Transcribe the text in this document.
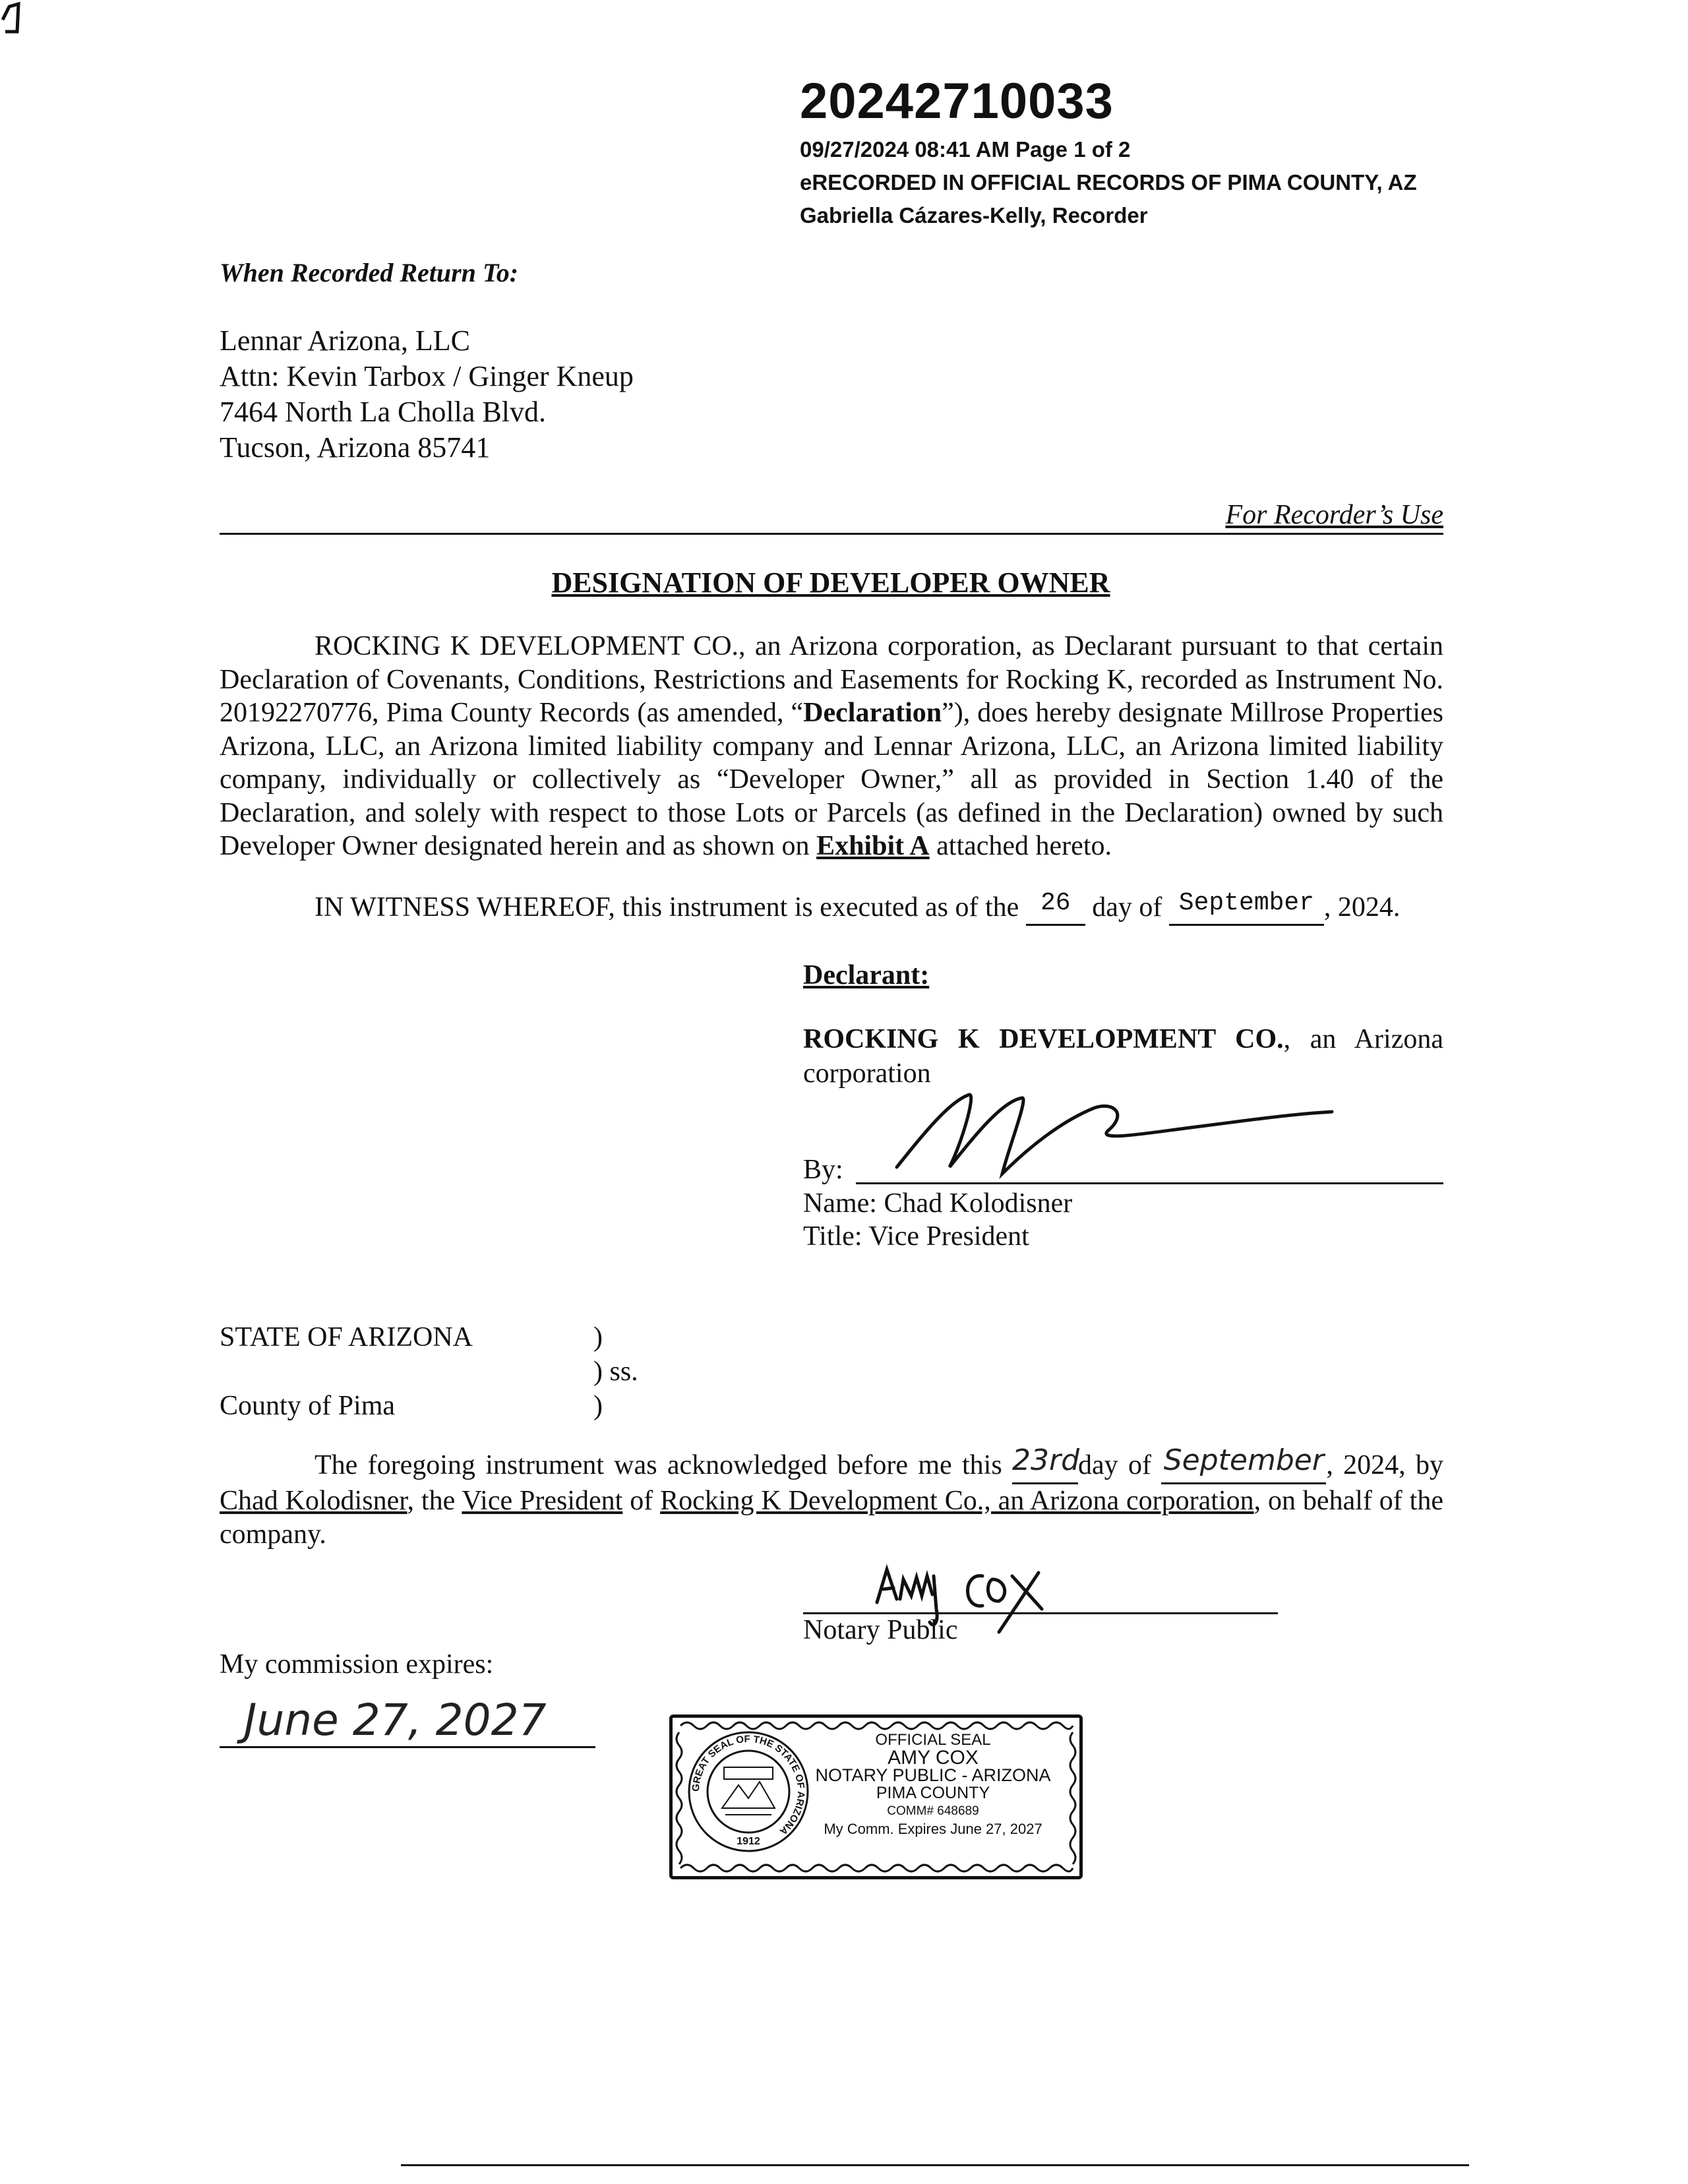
20242710033
09/27/2024 08:41 AM Page 1 of 2
eRECORDED IN OFFICIAL RECORDS OF PIMA COUNTY, AZ
Gabriella Cázares-Kelly, Recorder
When Recorded Return To:
Lennar Arizona, LLC
Attn: Kevin Tarbox / Ginger Kneup
7464 North La Cholla Blvd.
Tucson, Arizona 85741
For Recorder’s Use
DESIGNATION OF DEVELOPER OWNER
ROCKING K DEVELOPMENT CO., an Arizona corporation, as Declarant pursuant to that certain Declaration of Covenants, Conditions, Restrictions and Easements for Rocking K, recorded as Instrument No. 20192270776, Pima County Records (as amended, “Declaration”), does hereby designate Millrose Properties Arizona, LLC, an Arizona limited liability company and Lennar Arizona, LLC, an Arizona limited liability company, individually or collectively as “Developer Owner,” all as provided in Section 1.40 of the Declaration, and solely with respect to those Lots or Parcels (as defined in the Declaration) owned by such Developer Owner designated herein and as shown on Exhibit A attached hereto.
IN WITNESS WHEREOF, this instrument is executed as of the 26 day of September , 2024.
Declarant:
ROCKING K DEVELOPMENT CO., an Arizona corporation
By:
Name: Chad Kolodisner
Title: Vice President
STATE OF ARIZONA
County of Pima
)
) ss.
)
The foregoing instrument was acknowledged before me this 23rdday of September, 2024, by Chad Kolodisner, the Vice President of Rocking K Development Co., an Arizona corporation, on behalf of the company.
Notary Public
My commission expires:
June 27, 2027
GREAT SEAL OF THE STATE OF ARIZONA
1912
OFFICIAL SEAL
AMY COX
NOTARY PUBLIC - ARIZONA
PIMA COUNTY
COMM# 648689
My Comm. Expires June 27, 2027
